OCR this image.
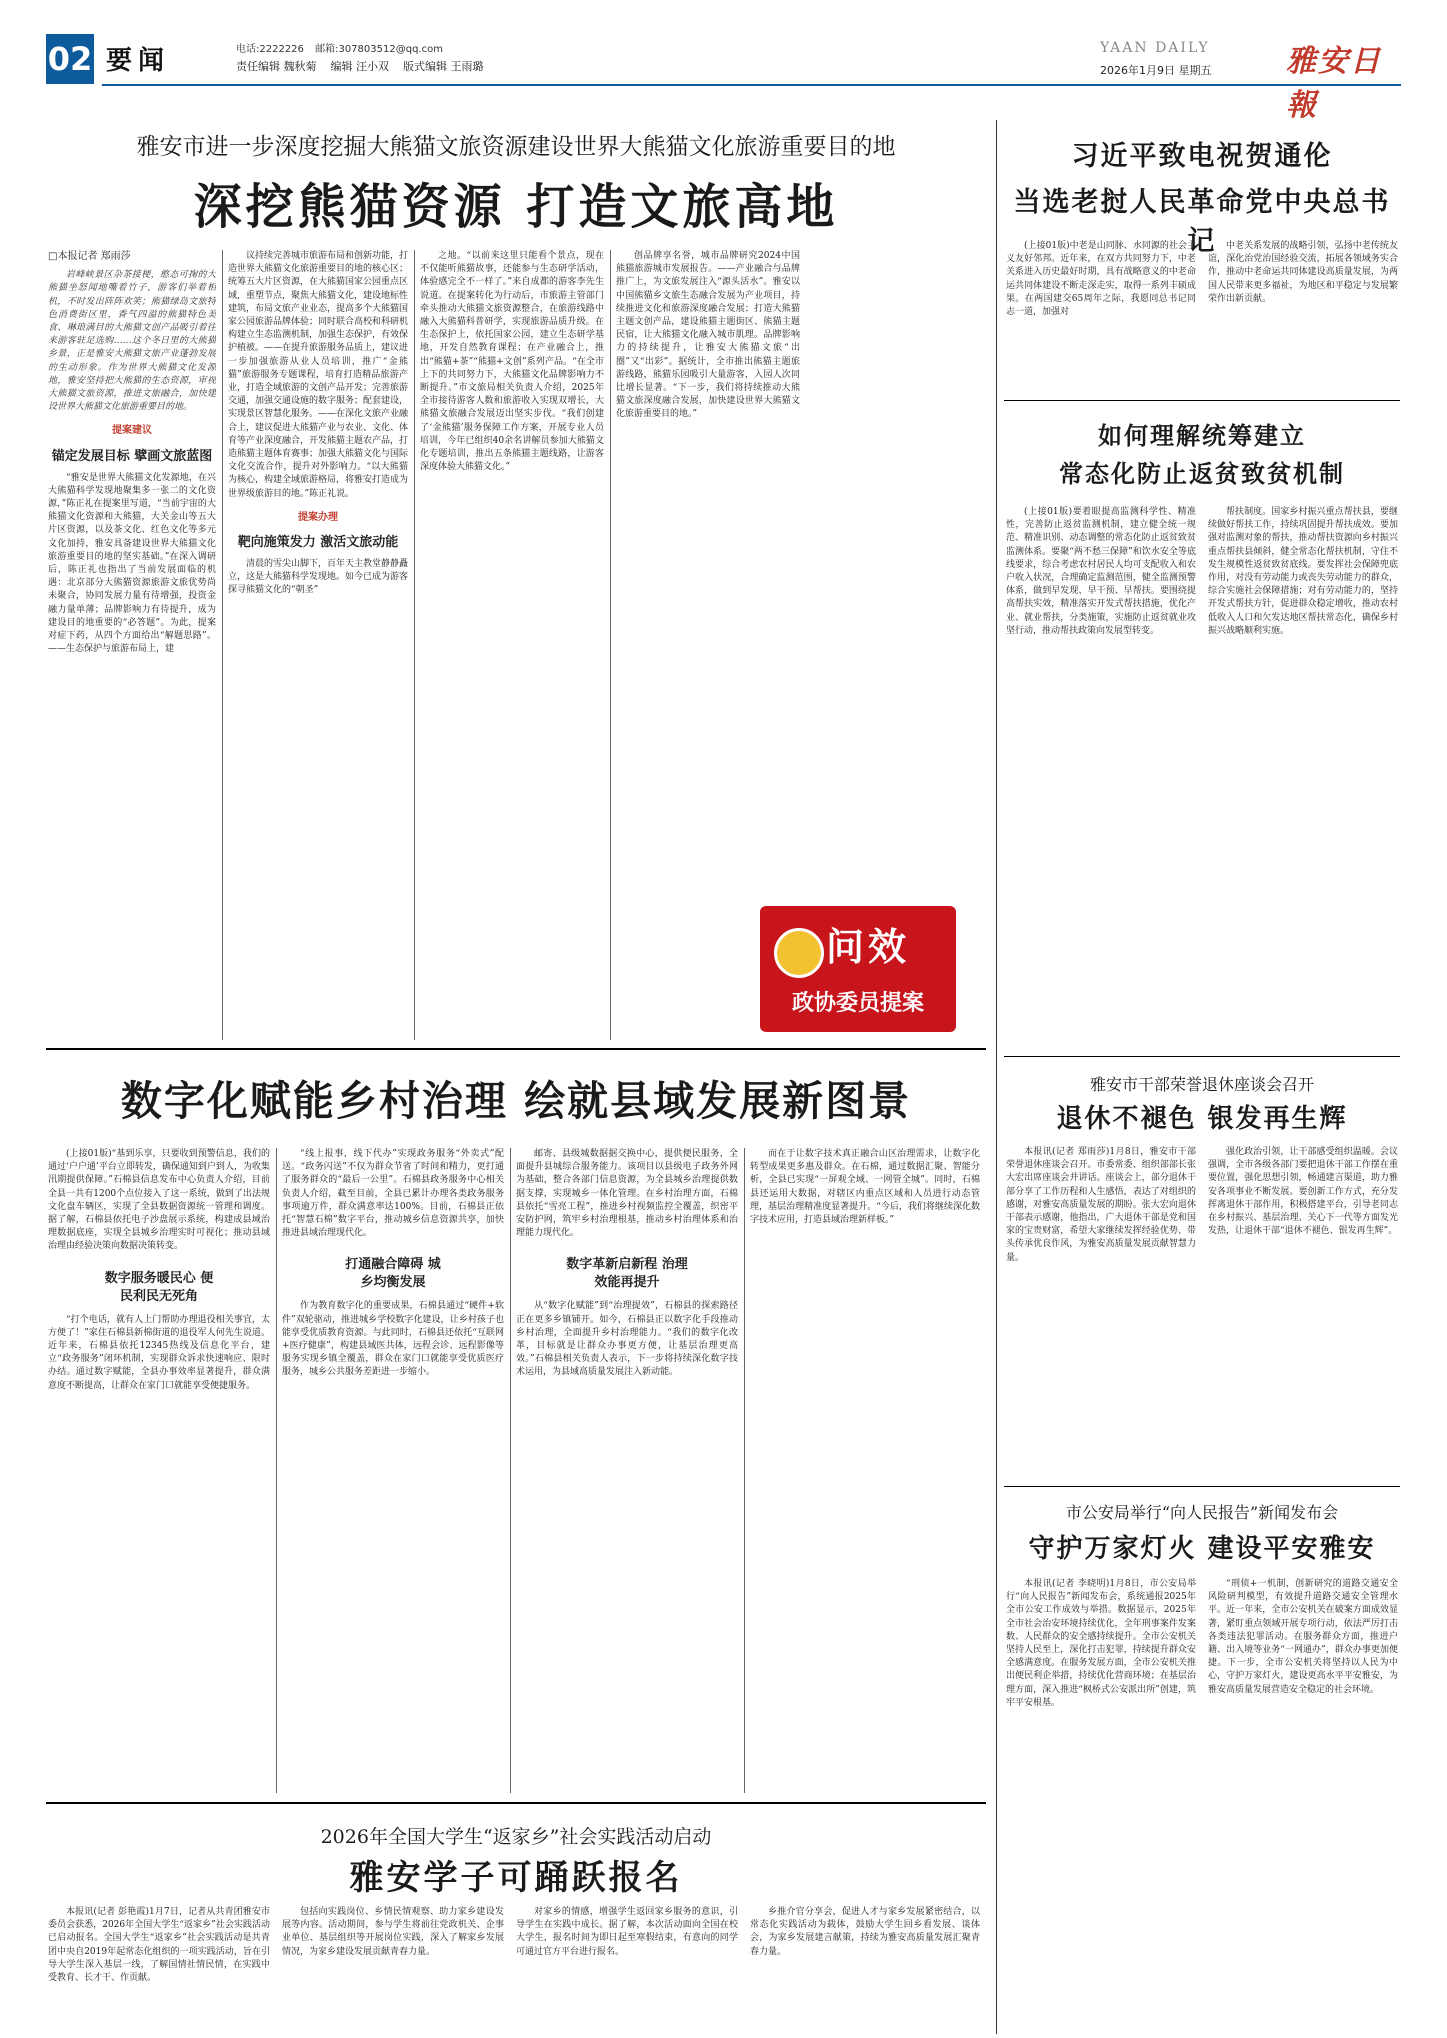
02 要闻	电话:2222226 邮箱:307803512@qq.com
责任编辑 魏秋菊    编辑 汪小双    版式编辑 王雨璐
YAAN DAILY
2026年1月9日 星期五 雅安日報
雅安市进一步深度挖掘大熊猫文旅资源建设世界大熊猫文化旅游重要目的地
深挖熊猫资源 打造文旅高地

□本报记者 郑雨莎

岩峰峡景区杂茶接梗，憨态可掬的大熊猫坐怒闻地嘴着竹子，游客们举着相机，不时发出阵阵欢笑；熊猫绿岛文旅特色消费街区里，香气四溢的熊猫特色美食、琳琅满目的大熊猫文创产品吸引着往来游客驻足选购……这个冬日里的大熊猫乡景，正是雅安大熊猫文旅产业蓬勃发展的生动形象。作为世界大熊猫文化发源地，雅安坚持把大熊猫的生态资源，审视大熊猫文旅资源，推进文旅融合，加快建设世界大熊猫文化旅游重要目的地。

提案建议
锚定发展目标 擘画文旅蓝图

“雅安是世界大熊猫文化发源地，在兴大熊猫科学发现地聚集多一张二的文化资源，”陈正礼在提案里写道，“当前宇宙的大熊猫文化资源和大熊猫，大关金山等五大片区资源，以及茶文化、红色文化等多元文化加持，雅安具备建设世界大熊猫文化旅游重要目的地的坚实基础。”在深入调研后，陈正礼也指出了当前发展面临的机遇：北京部分大熊猫资源旅游文旅优势尚未聚合，协同发展力量有待增强，投资金融力量单薄；品牌影响力有待提升，成为建设目的地重要的“必答题”。为此，提案对症下药，从四个方面给出“解题思路”。——生态保护与旅游布局上，建

议持续完善城市旅游布局和创新功能，打造世界大熊猫文化旅游重要目的地的核心区；统筹五大片区资源，在大熊猫国家公园重点区域，重塑节点，聚焦大熊猫文化，建设地标性建筑，布局文旅产业业态，提高多个大熊猫国家公园旅游品牌体验；同时联合高校和科研机构建立生态监测机制，加强生态保护，有效保护植被。——在提升旅游服务品质上，建议进一步加强旅游从业人员培训，推广“金熊猫”旅游服务专题课程，培育打造精品旅游产业，打造全域旅游的文创产品开发；完善旅游交通，加强交通设施的数字服务；配套建设，实现景区智慧化服务。——在深化文旅产业融合上，建议促进大熊猫产业与农业、文化、体育等产业深度融合，开发熊猫主题农产品，打造熊猫主题体育赛事；加强大熊猫文化与国际文化交流合作，提升对外影响力。“以大熊猫为核心，构建全域旅游格局，将雅安打造成为世界级旅游目的地。”陈正礼说。

提案办理
靶向施策发力 激活文旅动能

清晨的雪尖山脚下，百年天主教堂静静矗立，这是大熊猫科学发现地。如今已成为游客探寻熊猫文化的“朝圣”

之地。“以前来这里只能看个景点，现在不仅能听熊猫故事，还能参与生态研学活动，体验感完全不一样了。”来自成都的游客李先生说道。在提案转化为行动后，市旅游主管部门牵头推动大熊猫文旅资源整合，在旅游线路中融入大熊猫科普研学，实现旅游品质升级。在生态保护上，依托国家公园，建立生态研学基地，开发自然教育课程；在产业融合上，推出“熊猫+茶”“熊猫+文创”系列产品。“在全市上下的共同努力下，大熊猫文化品牌影响力不断提升。”市文旅局相关负责人介绍，2025年全市接待游客人数和旅游收入实现双增长，大熊猫文旅融合发展迈出坚实步伐。“我们创建了‘金熊猫’服务保障工作方案，开展专业人员培训，今年已组织40余名讲解员参加大熊猫文化专题培训，推出五条熊猫主题线路，让游客深度体验大熊猫文化。”

创品牌享名誉，城市品牌研究2024中国熊猫旅游城市发展报告。——产业融合与品牌推广上，为文旅发展注入“源头活水”。雅安以中国熊猫乡文旅生态融合发展为产业项目，持续推进文化和旅游深度融合发展；打造大熊猫主题文创产品，建设熊猫主题街区、熊猫主题民宿，让大熊猫文化融入城市肌理。品牌影响力的持续提升，让雅安大熊猫文旅“出圈”又“出彩”。据统计，全市推出熊猫主题旅游线路，熊猫乐园吸引大量游客，入园人次同比增长显著。“下一步，我们将持续推动大熊猫文旅深度融合发展，加快建设世界大熊猫文化旅游重要目的地。”

问效
政协委员提案
数字化赋能乡村治理 绘就县域发展新图景

(上接01版)“基到乐享，只要收到预警信息，我们的通过‘户户通’平台立即转发，确保通知到户到人，为收集汛期提供保障。”石棉县信息发布中心负责人介绍，目前全县一共有1200个点位接入了这一系统，做到了出法规文化盘车辆区，实现了全县数据资源统一管理和调度。据了解，石棉县依托电子沙盘展示系统，构建成县域治理数据底座，实现全县城乡治理实时可视化；推动县域治理由经验决策向数据决策转变。

数字服务暖民心 便民利民无死角

“打个电话，就有人上门帮助办理退役相关事宜，太方便了！”家住石棉县新棉街道的退役军人何先生说道。近年来，石棉县依托12345热线及信息化平台，建立“政务服务”闭环机制，实现群众诉求快速响应、限时办结。通过数字赋能，全县办事效率显著提升，群众满意度不断提高，让群众在家门口就能享受便捷服务。

“线上报事，线下代办”实现政务服务“外卖式”配送。“政务闪送”不仅为群众节省了时间和精力，更打通了服务群众的“最后一公里”。石棉县政务服务中心相关负责人介绍，截至目前，全县已累计办理各类政务服务事项逾万件，群众满意率达100%。目前，石棉县正依托“智慧石棉”数字平台，推动城乡信息资源共享，加快推进县域治理现代化。

打通融合障碍 城乡均衡发展

作为教育数字化的重要成果，石棉县通过“硬件+软件”双轮驱动，推进城乡学校数字化建设，让乡村孩子也能享受优质教育资源。与此同时，石棉县还依托“互联网+医疗健康”，构建县域医共体，远程会诊、远程影像等服务实现乡镇全覆盖，群众在家门口就能享受优质医疗服务，城乡公共服务差距进一步缩小。

邮寄、县级城数据据交换中心，提供便民服务，全面提升县城综合服务能力。该项目以县级电子政务外网为基础，整合各部门信息资源，为全县城乡治理提供数据支撑，实现城乡一体化管理。在乡村治理方面，石棉县依托“雪亮工程”，推进乡村视频监控全覆盖，织密平安防护网，筑牢乡村治理根基，推动乡村治理体系和治理能力现代化。

数字革新启新程 治理效能再提升

从“数字化赋能”到“治理提效”，石棉县的探索路径正在更多乡镇铺开。如今，石棉县正以数字化手段推动乡村治理，全面提升乡村治理能力。“我们的数字化改革，目标就是让群众办事更方便，让基层治理更高效。”石棉县相关负责人表示，下一步将持续深化数字技术运用，为县域高质量发展注入新动能。

而在于让数字技术真正融合山区治理需求，让数字化转型成果更多惠及群众。在石棉，通过数据汇聚、智能分析，全县已实现“一屏观全域、一网管全城”。同时，石棉县还运用大数据，对辖区内重点区域和人员进行动态管理，基层治理精准度显著提升。“今后，我们将继续深化数字技术应用，打造县域治理新样板。”

2026年全国大学生“返家乡”社会实践活动启动
雅安学子可踊跃报名

本报讯(记者 彭艳霞)1月7日，记者从共青团雅安市委员会获悉，2026年全国大学生“返家乡”社会实践活动已启动报名。全国大学生“返家乡”社会实践活动是共青团中央自2019年起常态化组织的一项实践活动，旨在引导大学生深入基层一线，了解国情社情民情，在实践中受教育、长才干、作贡献。

包括向实践岗位、乡情民情观察、助力家乡建设发展等内容。活动期间，参与学生将前往党政机关、企事业单位、基层组织等开展岗位实践，深入了解家乡发展情况，为家乡建设发展贡献青春力量。

对家乡的情感，增强学生返回家乡服务的意识，引导学生在实践中成长。据了解，本次活动面向全国在校大学生，报名时间为即日起至寒假结束，有意向的同学可通过官方平台进行报名。

乡推介官分享会，促进人才与家乡发展紧密结合，以常态化实践活动为载体，鼓励大学生回乡看发展、谈体会，为家乡发展建言献策，持续为雅安高质量发展汇聚青春力量。

习近平致电祝贺通伦
当选老挝人民革命党中央总书记

(上接01版)中老是山同脉、水同源的社会主义友好邻邦。近年来，在双方共同努力下，中老关系进入历史最好时期，具有战略意义的中老命运共同体建设不断走深走实，取得一系列丰硕成果。在两国建交65周年之际，我愿同总书记同志一道，加强对

中老关系发展的战略引领，弘扬中老传统友谊，深化治党治国经验交流，拓展各领域务实合作，推动中老命运共同体建设高质量发展，为两国人民带来更多福祉，为地区和平稳定与发展繁荣作出新贡献。

如何理解统筹建立
常态化防止返贫致贫机制

(上接01版)要着眼提高监测科学性、精准性，完善防止返贫监测机制，建立健全统一规范、精准识别、动态调整的常态化防止返贫致贫监测体系。要聚“两不愁三保障”和饮水安全等底线要求，综合考虑农村居民人均可支配收入和农户收入状况，合理确定监测范围，健全监测预警体系，做到早发现、早干预、早帮扶。要围绕提高帮扶实效，精准落实开发式帮扶措施，优化产业、就业帮扶，分类施策，实施防止返贫就业攻坚行动，推动帮扶政策向发展型转变。

帮扶制度。国家乡村振兴重点帮扶县，要继续做好帮扶工作，持续巩固提升帮扶成效。要加强对监测对象的帮扶，推动帮扶资源向乡村振兴重点帮扶县倾斜，健全常态化帮扶机制，守住不发生规模性返贫致贫底线。要发挥社会保障兜底作用，对没有劳动能力或丧失劳动能力的群众，综合实施社会保障措施；对有劳动能力的，坚持开发式帮扶方针，促进群众稳定增收，推动农村低收入人口和欠发达地区帮扶常态化，确保乡村振兴战略顺利实施。

雅安市干部荣誉退休座谈会召开
退休不褪色 银发再生辉

本报讯(记者 郑雨莎)1月8日，雅安市干部荣誉退休座谈会召开。市委常委、组织部部长张大宏出席座谈会并讲话。座谈会上，部分退休干部分享了工作历程和人生感悟，表达了对组织的感谢，对雅安高质量发展的期盼。张大宏向退休干部表示感谢，他指出，广大退休干部是党和国家的宝贵财富，希望大家继续发挥经验优势、带头传承优良作风，为雅安高质量发展贡献智慧力量。

强化政治引领，让干部感受组织温暖。会议强调，全市各级各部门要把退休干部工作摆在重要位置，强化思想引领，畅通建言渠道，助力雅安各项事业不断发展。要创新工作方式，充分发挥离退休干部作用，积极搭建平台，引导老同志在乡村振兴、基层治理、关心下一代等方面发光发热，让退休干部“退休不褪色、银发再生辉”。

市公安局举行“向人民报告”新闻发布会
守护万家灯火 建设平安雅安

本报讯(记者 李晓明)1月8日，市公安局举行“向人民报告”新闻发布会，系统通报2025年全市公安工作成效与举措。数据显示，2025年全市社会治安环境持续优化，全年刑事案件发案数、人民群众的安全感持续提升。全市公安机关坚持人民至上，深化打击犯罪，持续提升群众安全感满意度。在服务发展方面，全市公安机关推出便民利企举措，持续优化营商环境；在基层治理方面，深入推进“枫桥式公安派出所”创建，筑牢平安根基。

“刑侦+一机制，创新研究的道路交通安全风险研判模型，有效提升道路交通安全管理水平。近一年来，全市公安机关在破案方面成效显著，紧盯重点领域开展专项行动，依法严厉打击各类违法犯罪活动。在服务群众方面，推进户籍、出入境等业务“一网通办”，群众办事更加便捷。下一步，全市公安机关将坚持以人民为中心，守护万家灯火，建设更高水平平安雅安，为雅安高质量发展营造安全稳定的社会环境。
